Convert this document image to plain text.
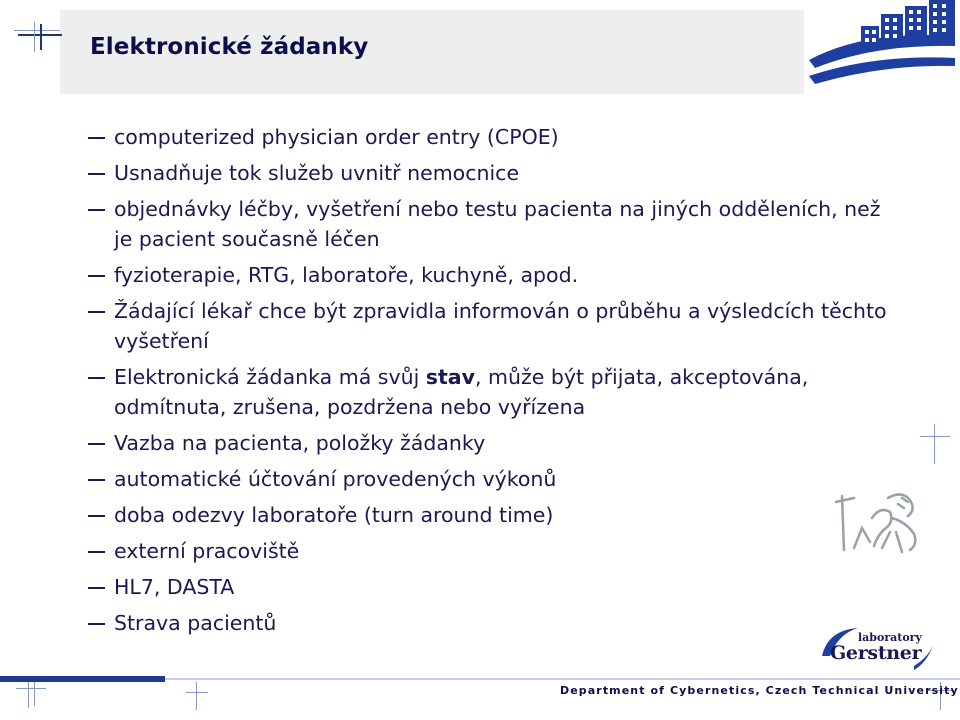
Elektronické žádanky
computerized physician order entry (CPOE)
Usnadňuje tok služeb uvnitř nemocnice
objednávky léčby, vyšetření nebo testu pacienta na jiných odděleních, než je pacient současně léčen
fyzioterapie, RTG, laboratoře, kuchyně, apod.
Žádající lékař chce být zpravidla informován o průběhu a výsledcích těchto vyšetření
Elektronická žádanka má svůj stav, může být přijata, akceptována, odmítnuta, zrušena, pozdržena nebo vyřízena
Vazba na pacienta, položky žádanky
automatické účtování provedených výkonů
doba odezvy laboratoře (turn around time)
externí pracoviště
HL7, DASTA
Strava pacientů
Department of Cybernetics, Czech Technical University
laboratory
Gerstner
